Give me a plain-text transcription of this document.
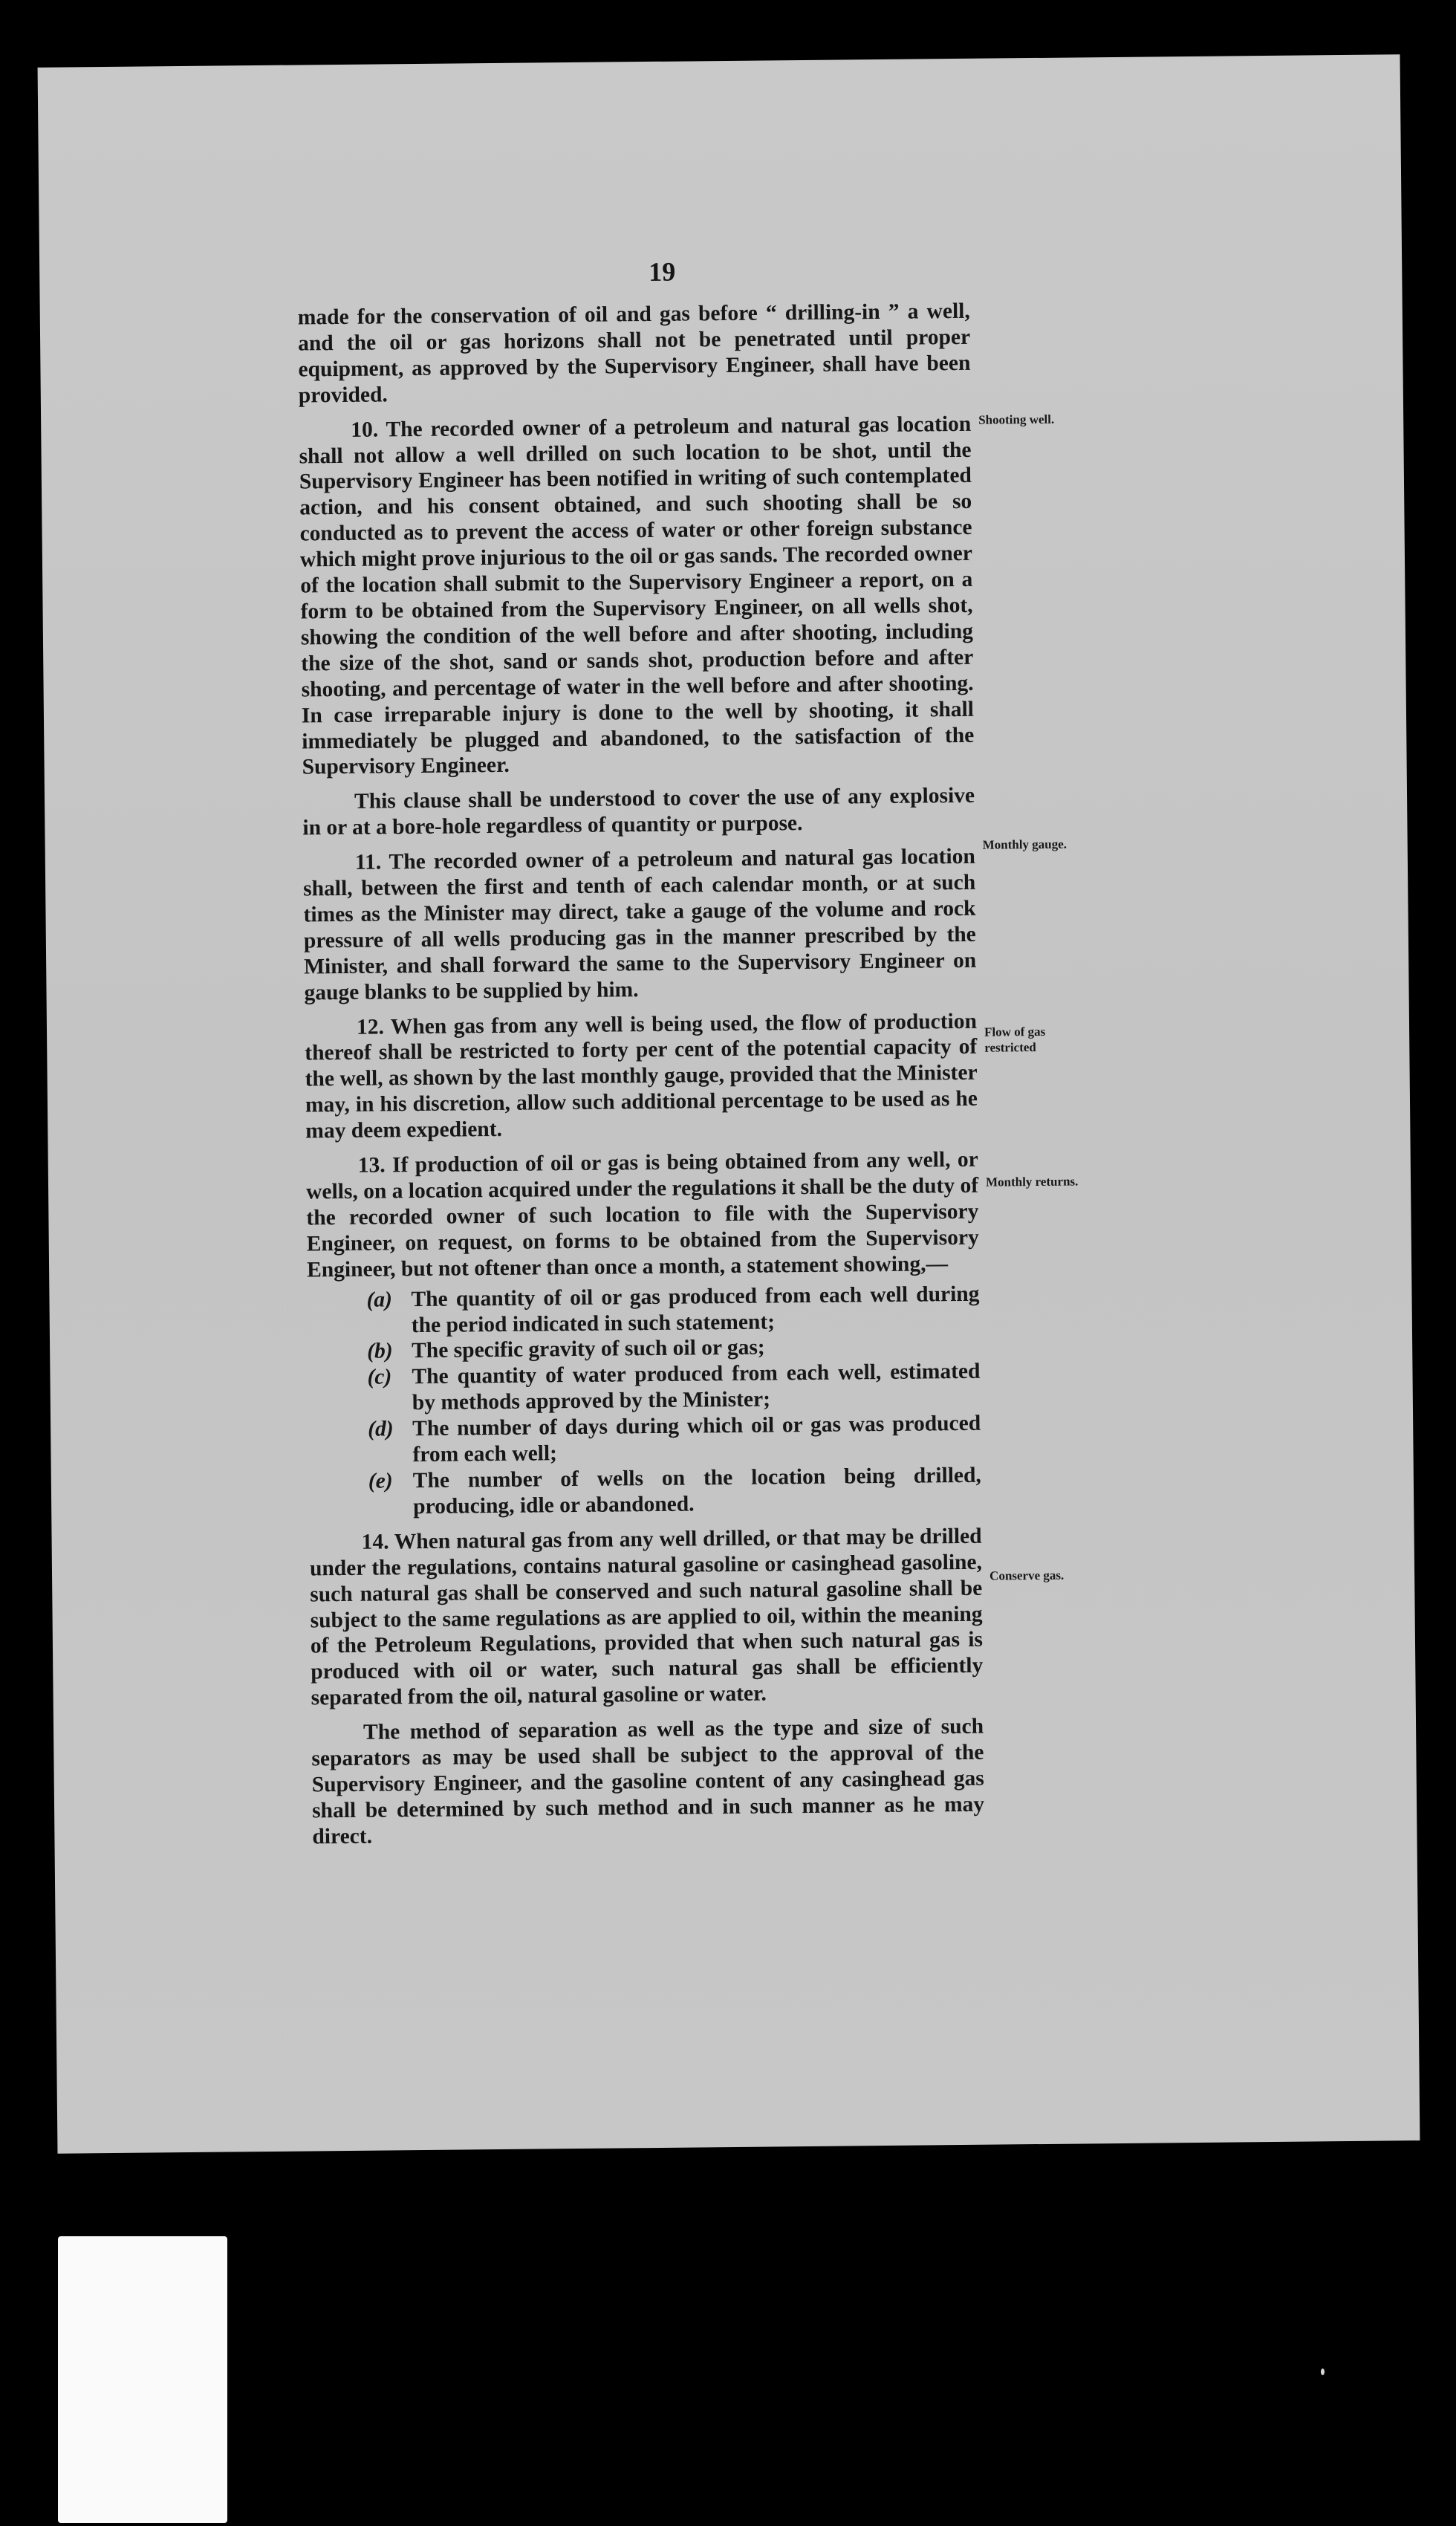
19

made for the conservation of oil and gas before “ drilling-in ” a well, and the oil or gas horizons shall not be penetrated until proper equipment, as approved by the Supervisory Engineer, shall have been provided.

10. The recorded owner of a petroleum and natural gas location shall not allow a well drilled on such location to be shot, until the Supervisory Engineer has been notified in writing of such contemplated action, and his consent obtained, and such shooting shall be so conducted as to prevent the access of water or other foreign substance which might prove injurious to the oil or gas sands. The recorded owner of the location shall submit to the Supervisory Engineer a report, on a form to be obtained from the Supervisory Engineer, on all wells shot, showing the condition of the well before and after shooting, including the size of the shot, sand or sands shot, production before and after shooting, and percentage of water in the well before and after shooting. In case irreparable injury is done to the well by shooting, it shall immediately be plugged and abandoned, to the satisfaction of the Supervisory Engineer.

This clause shall be understood to cover the use of any explosive in or at a bore-hole regardless of quantity or purpose.

11. The recorded owner of a petroleum and natural gas location shall, between the first and tenth of each calendar month, or at such times as the Minister may direct, take a gauge of the volume and rock pressure of all wells producing gas in the manner prescribed by the Minister, and shall forward the same to the Supervisory Engineer on gauge blanks to be supplied by him.

12. When gas from any well is being used, the flow of production thereof shall be restricted to forty per cent of the potential capacity of the well, as shown by the last monthly gauge, provided that the Minister may, in his discretion, allow such additional percentage to be used as he may deem expedient.

13. If production of oil or gas is being obtained from any well, or wells, on a location acquired under the regulations it shall be the duty of the recorded owner of such location to file with the Supervisory Engineer, on request, on forms to be obtained from the Supervisory Engineer, but not oftener than once a month, a statement showing,—

(a) The quantity of oil or gas produced from each well during the period indicated in such statement;
(b) The specific gravity of such oil or gas;
(c) The quantity of water produced from each well, estimated by methods approved by the Minister;
(d) The number of days during which oil or gas was produced from each well;
(e) The number of wells on the location being drilled, producing, idle or abandoned.

14. When natural gas from any well drilled, or that may be drilled under the regulations, contains natural gasoline or casinghead gasoline, such natural gas shall be conserved and such natural gasoline shall be subject to the same regulations as are applied to oil, within the meaning of the Petroleum Regulations, provided that when such natural gas is produced with oil or water, such natural gas shall be efficiently separated from the oil, natural gasoline or water.

The method of separation as well as the type and size of such separators as may be used shall be subject to the approval of the Supervisory Engineer, and the gasoline content of any casinghead gas shall be determined by such method and in such manner as he may direct.

Shooting well.
Monthly gauge.
Flow of gas restricted
Monthly returns.
Conserve gas.
